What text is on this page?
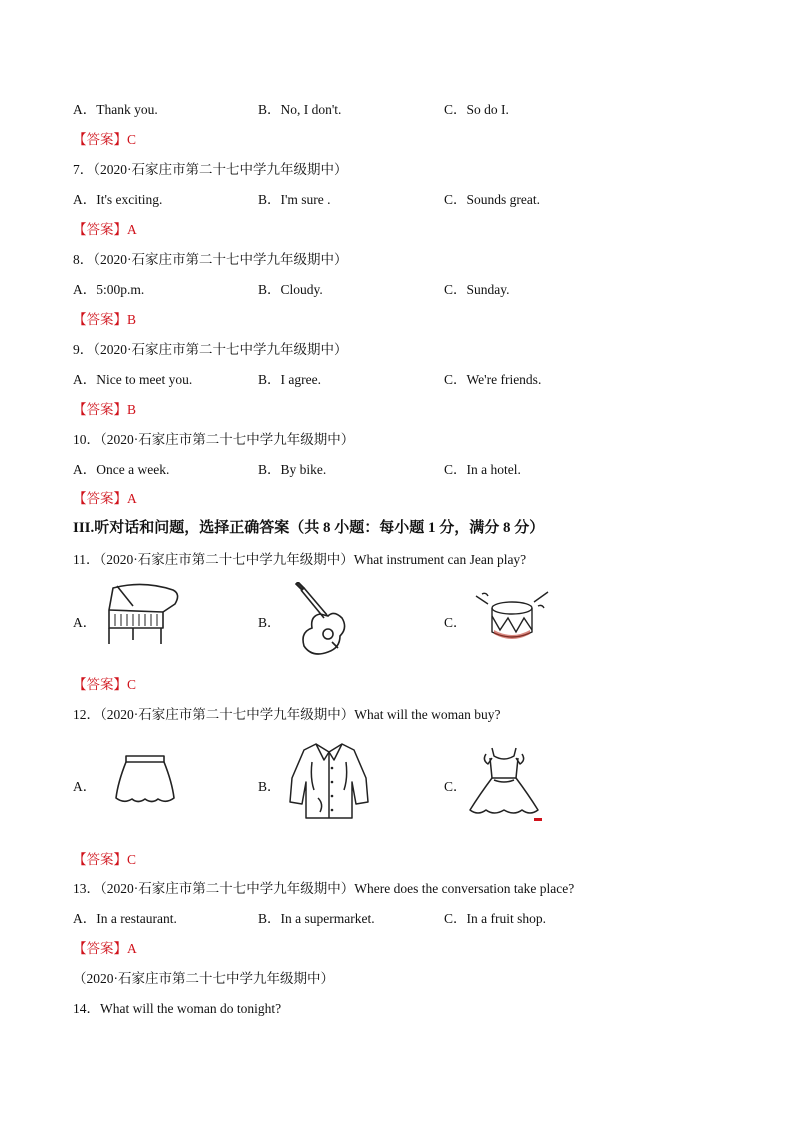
A．Thank you.	B．No, I don't.	C．So do I.
【答案】C
7．（2020·石家庄市第二十七中学九年级期中）
A．It's exciting.	B．I'm sure .	C．Sounds great.
【答案】A
8．（2020·石家庄市第二十七中学九年级期中）
A．5:00p.m.	B．Cloudy.	C．Sunday.
【答案】B
9．（2020·石家庄市第二十七中学九年级期中）
A．Nice to meet you.	B．I agree.	C．We're friends.
【答案】B
10．（2020·石家庄市第二十七中学九年级期中）
A．Once a week.	B．By bike.	C．In a hotel.
【答案】A
III.听对话和问题，选择正确答案（共 8 小题：每小题 1 分，满分 8 分）
11．（2020·石家庄市第二十七中学九年级期中）What instrument can Jean play?
A．	B．	C．
【答案】C
12．（2020·石家庄市第二十七中学九年级期中）What will the woman buy?
A．	B．	C．
【答案】C
13．（2020·石家庄市第二十七中学九年级期中）Where does the conversation take place?
A．In a restaurant.	B．In a supermarket.	C．In a fruit shop.
【答案】A
（2020·石家庄市第二十七中学九年级期中）
14．What will the woman do tonight?
